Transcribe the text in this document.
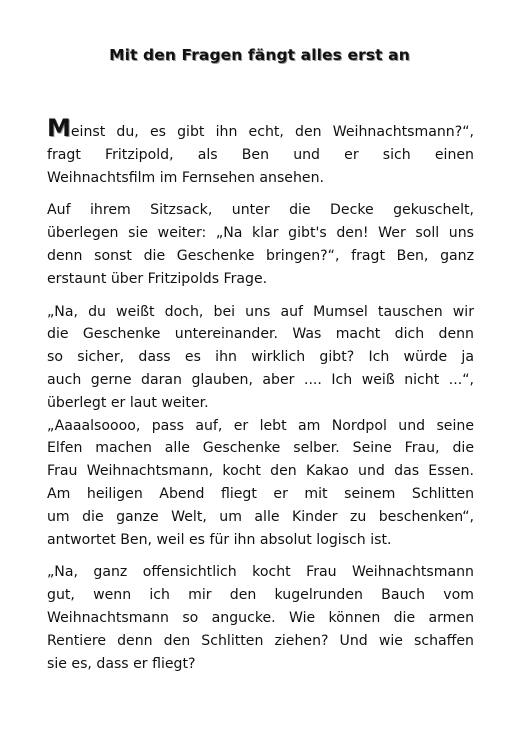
Mit den Fragen fängt alles erst an

Meinst du, es gibt ihn echt, den Weihnachtsmann?“,
fragt Fritzipold, als Ben und er sich einen
Weihnachtsfilm im Fernsehen ansehen.

Auf ihrem Sitzsack, unter die Decke gekuschelt,
überlegen sie weiter: „Na klar gibt's den! Wer soll uns
denn sonst die Geschenke bringen?“, fragt Ben, ganz
erstaunt über Fritzipolds Frage.

„Na, du weißt doch, bei uns auf Mumsel tauschen wir
die Geschenke untereinander. Was macht dich denn
so sicher, dass es ihn wirklich gibt? Ich würde ja
auch gerne daran glauben, aber .... Ich weiß nicht ...“,
überlegt er laut weiter.
„Aaaalsoooo, pass auf, er lebt am Nordpol und seine
Elfen machen alle Geschenke selber. Seine Frau, die
Frau Weihnachtsmann, kocht den Kakao und das Essen.
Am heiligen Abend fliegt er mit seinem Schlitten
um die ganze Welt, um alle Kinder zu beschenken“,
antwortet Ben, weil es für ihn absolut logisch ist.

„Na, ganz offensichtlich kocht Frau Weihnachtsmann
gut, wenn ich mir den kugelrunden Bauch vom
Weihnachtsmann so angucke. Wie können die armen
Rentiere denn den Schlitten ziehen? Und wie schaffen
sie es, dass er fliegt?
